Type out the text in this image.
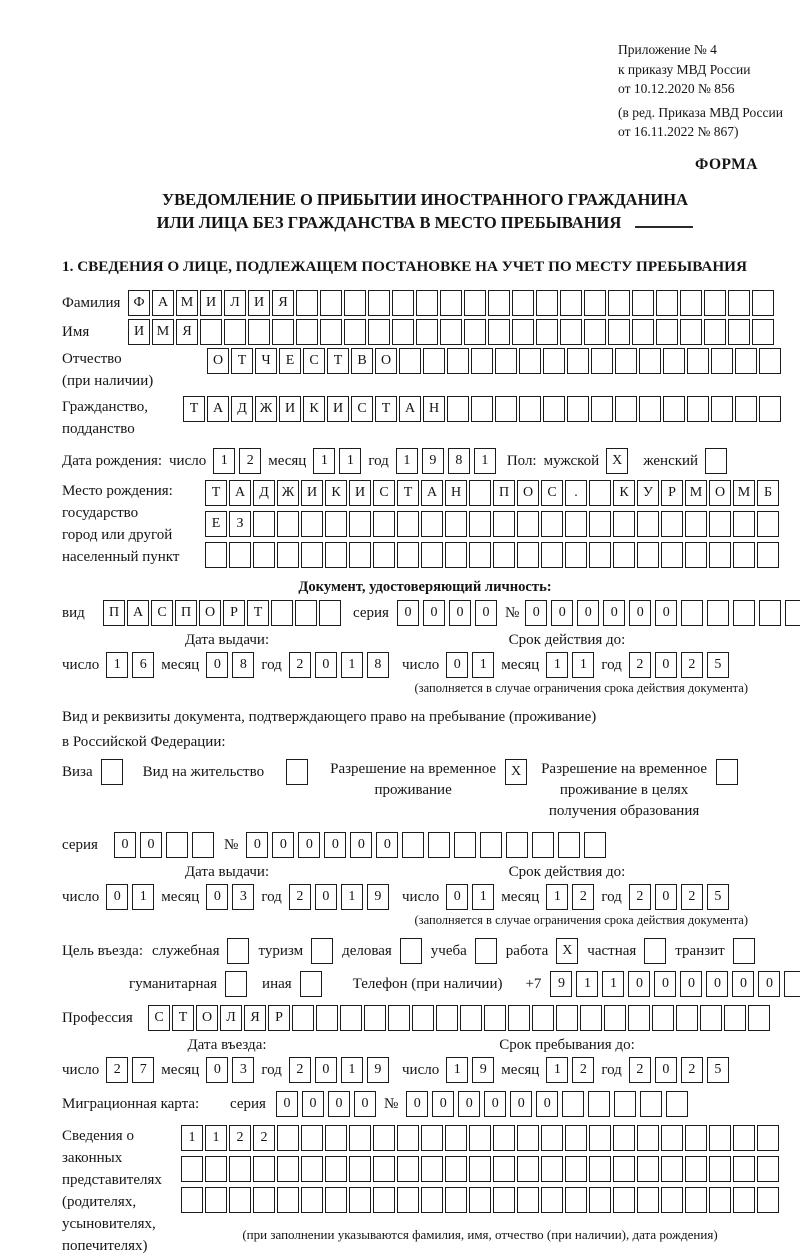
Приложение № 4
к приказу МВД России
от 10.12.2020 № 856
(в ред. Приказа МВД России
от 16.11.2022 № 867)
ФОРМА
УВЕДОМЛЕНИЕ О ПРИБЫТИИ ИНОСТРАННОГО ГРАЖДАНИНА
ИЛИ ЛИЦА БЕЗ ГРАЖДАНСТВА В МЕСТО ПРЕБЫВАНИЯ
1. СВЕДЕНИЯ О ЛИЦЕ, ПОДЛЕЖАЩЕМ ПОСТАНОВКЕ НА УЧЕТ ПО МЕСТУ ПРЕБЫВАНИЯ
Фамилия Ф А М И	Л	И	Я
Имя	И М Я
Отчество
(при наличии)
О	Т	Ч	Е	С	Т	В	О
Гражданство,
подданство
Т	А	Д Ж И	К	И	С	Т	А Н
Дата рождения: число	1	2 месяц	1	1 год	1	9	8	1	Пол: мужской X	женский
Место рождения:
государство
город или другой
населенный пункт
Т	А	Д Ж И	К	И	С	Т	А Н	П О	С	.	К	У	Р М О М Б

Е	З

Документ, удостоверяющий личность:
вид	П А	С	П О	Р	Т	серия	0	0	0	0	№ 0	0	0	0	0	0
Дата выдачи:
число	1	6 месяц	0	8 год	2	0	1	8
Срок действия до:
число	0	1 месяц	1	1 год	2	0	2	5
(заполняется в случае ограничения срока действия документа)
Вид и реквизиты документа, подтверждающего право на пребывание (проживание)
в Российской Федерации:
Виза	Вид на жительство	Разрешение на временное
проживание
X	Разрешение на временное
проживание в целях
получения образования
серия	0	0	№	0	0	0	0	0	0
Дата выдачи:
число	0	1 месяц	0	3 год	2	0	1	9
Срок действия до:
число	0	1 месяц	1	2 год	2	0	2	5
(заполняется в случае ограничения срока действия документа)
Цель въезда: служебная	туризм	деловая	учеба	работа X частная	транзит
гуманитарная	иная	Телефон (при наличии) +7	9	1	1	0	0	0	0	0	0
Профессия	С	Т	О	Л	Я	Р
Дата въезда:
число	2	7 месяц	0	3 год	2	0	1	9
Срок пребывания до:
число	1	9 месяц	1	2 год	2	0	2	5
Миграционная карта:	серия	0	0	0	0	№	0	0	0	0	0	0
Сведения о
законных
представителях
(родителях,
усыновителях,
попечителях)
1	1	2	2

(при заполнении указываются фамилия, имя, отчество (при наличии), дата рождения)
